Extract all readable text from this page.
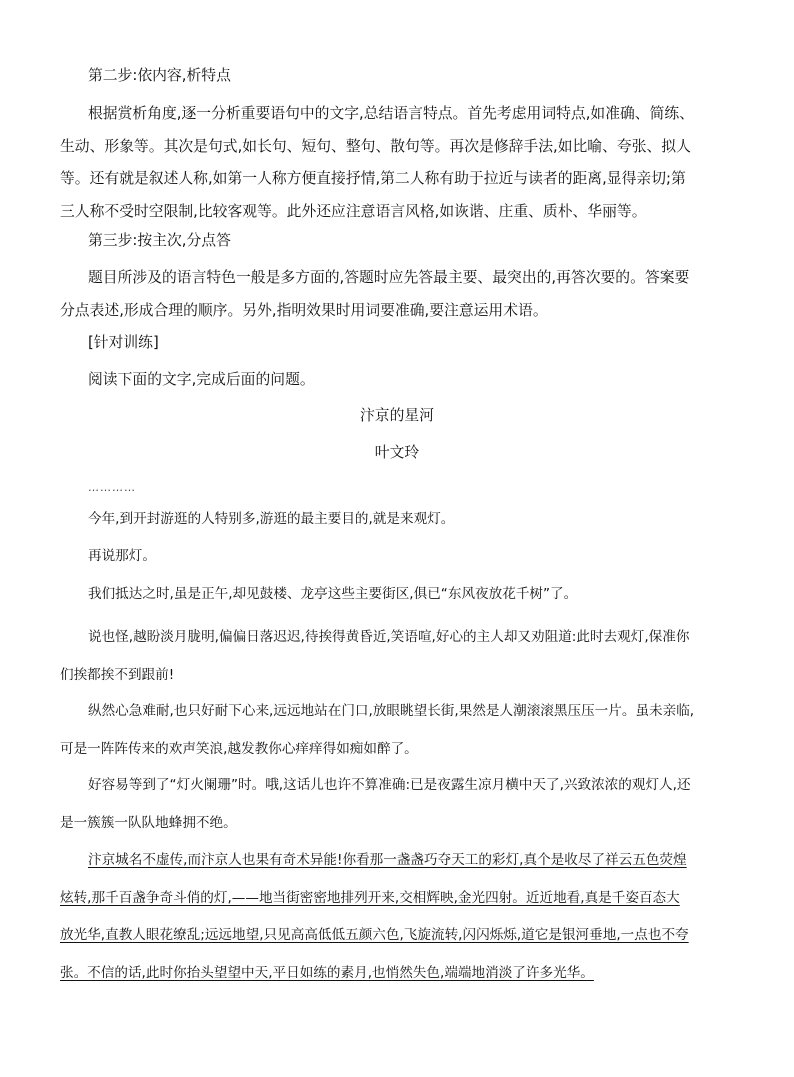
第二步:依内容,析特点

根据赏析角度,逐一分析重要语句中的文字,总结语言特点。首先考虑用词特点,如准确、简练、
生动、形象等。其次是句式,如长句、短句、整句、散句等。再次是修辞手法,如比喻、夸张、拟人
等。还有就是叙述人称,如第一人称方便直接抒情,第二人称有助于拉近与读者的距离,显得亲切;第
三人称不受时空限制,比较客观等。此外还应注意语言风格,如诙谐、庄重、质朴、华丽等。

第三步:按主次,分点答

题目所涉及的语言特色一般是多方面的,答题时应先答最主要、最突出的,再答次要的。答案要
分点表述,形成合理的顺序。另外,指明效果时用词要准确,要注意运用术语。

[针对训练]

阅读下面的文字,完成后面的问题。

汴京的星河

叶文玲

…………

今年,到开封游逛的人特别多,游逛的最主要目的,就是来观灯。

再说那灯。

我们抵达之时,虽是正午,却见鼓楼、龙亭这些主要街区,俱已“东风夜放花千树”了。

说也怪,越盼淡月胧明,偏偏日落迟迟,待挨得黄昏近,笑语喧,好心的主人却又劝阻道:此时去观灯,保准你
们挨都挨不到跟前!
纵然心急难耐,也只好耐下心来,远远地站在门口,放眼眺望长街,果然是人潮滚滚黑压压一片。虽未亲临,
可是一阵阵传来的欢声笑浪,越发教你心痒痒得如痴如醉了。
好容易等到了“灯火阑珊”时。哦,这话儿也许不算准确:已是夜露生凉月横中天了,兴致浓浓的观灯人,还
是一簇簇一队队地蜂拥不绝。
汴京城名不虚传,而汴京人也果有奇术异能!你看那一盏盏巧夺天工的彩灯,真个是收尽了祥云五色荧煌
炫转,那千百盏争奇斗俏的灯,——地当街密密地排列开来,交相辉映,金光四射。近近地看,真是千姿百态大
放光华,直教人眼花缭乱;远远地望,只见高高低低五颜六色,飞旋流转,闪闪烁烁,道它是银河垂地,一点也不夸
张。不信的话,此时你抬头望望中天,平日如练的素月,也悄然失色,端端地消淡了许多光华。
